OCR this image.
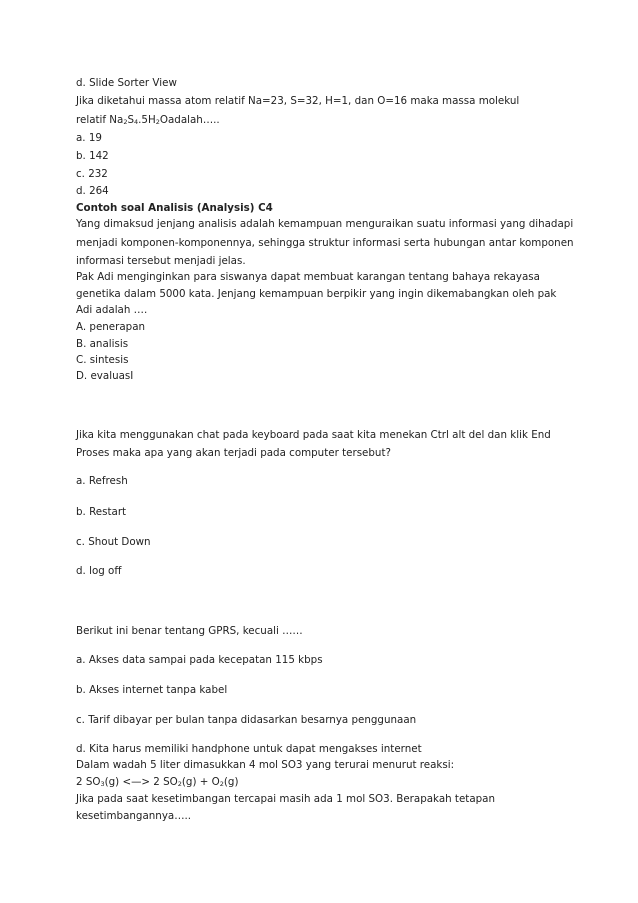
d. Slide Sorter View
Jika diketahui massa atom relatif Na=23, S=32, H=1, dan O=16 maka massa molekul
relatif $Na_2S_4.5H_2Oadalah\dots$..
a. 19
b. 142
c. 232
d. 264
Contoh soal Analisis (Analysis) C4
Yang dimaksud jenjang analisis adalah kemampuan menguraikan suatu informasi yang dihadapi
menjadi komponen-komponennya, sehingga struktur informasi serta hubungan antar komponen
informasi tersebut menjadi jelas.
Pak Adi menginginkan para siswanya dapat membuat karangan tentang bahaya rekayasa
genetika dalam 5000 kata. Jenjang kemampuan berpikir yang ingin dikemabangkan oleh pak
Adi adalah ….
A. penerapan
B. analisis
C. sintesis
D. evaluasI
Jika kita menggunakan chat pada keyboard pada saat kita menekan Ctrl alt del dan klik End
Proses maka apa yang akan terjadi pada computer tersebut?
a. Refresh
b. Restart
c. Shout Down
d. log off
Berikut ini benar tentang GPRS, kecuali ……
a. Akses data sampai pada kecepatan 115 kbps
b. Akses internet tanpa kabel
c. Tarif dibayar per bulan tanpa didasarkan besarnya penggunaan
d. Kita harus memiliki handphone untuk dapat mengakses internet
Dalam wadah 5 liter dimasukkan 4 mol SO3 yang terurai menurut reaksi:
2 $SO_3(g)$ <—> 2 $SO_2(g) + O_2(g)$
Jika pada saat kesetimbangan tercapai masih ada 1 mol SO3. Berapakah tetapan
kesetimbangannya…..
